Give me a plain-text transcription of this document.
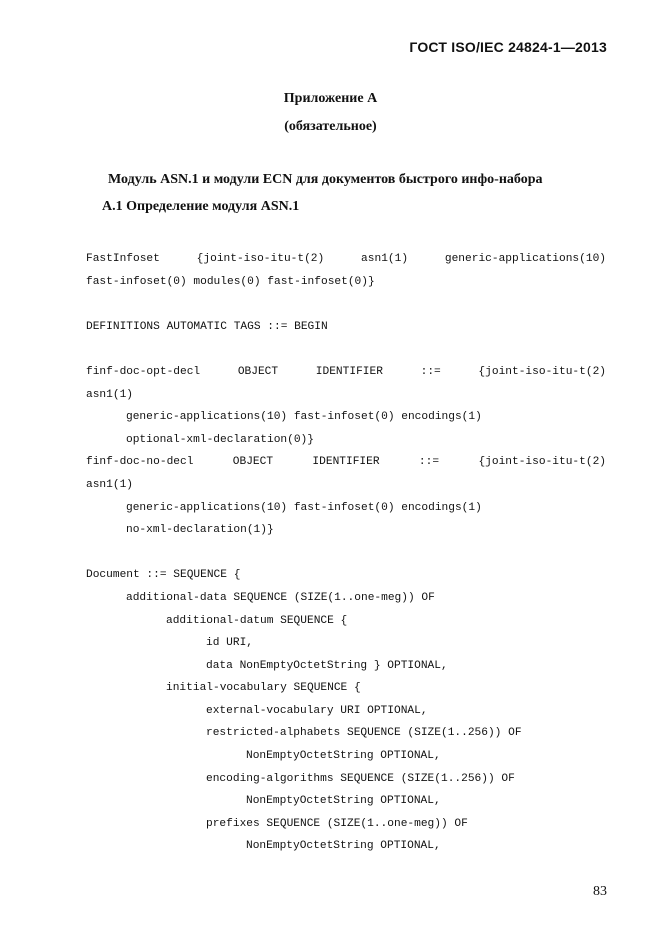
ГОСТ ISO/IEC 24824-1—2013
Приложение А
(обязательное)
Модуль ASN.1 и модули ECN для документов быстрого инфо-набора
А.1 Определение модуля ASN.1
FastInfoset {joint-iso-itu-t(2) asn1(1) generic-applications(10)
fast-infoset(0) modules(0) fast-infoset(0)}
DEFINITIONS AUTOMATIC TAGS ::= BEGIN
finf-doc-opt-decl OBJECT IDENTIFIER ::= {joint-iso-itu-t(2)
asn1(1)
generic-applications(10) fast-infoset(0) encodings(1)
optional-xml-declaration(0)}
finf-doc-no-decl OBJECT IDENTIFIER ::= {joint-iso-itu-t(2)
asn1(1)
generic-applications(10) fast-infoset(0) encodings(1)
no-xml-declaration(1)}
Document ::= SEQUENCE {
additional-data SEQUENCE (SIZE(1..one-meg)) OF
additional-datum SEQUENCE {
id URI,
data NonEmptyOctetString } OPTIONAL,
initial-vocabulary SEQUENCE {
external-vocabulary URI OPTIONAL,
restricted-alphabets SEQUENCE (SIZE(1..256)) OF
NonEmptyOctetString OPTIONAL,
encoding-algorithms SEQUENCE (SIZE(1..256)) OF
NonEmptyOctetString OPTIONAL,
prefixes SEQUENCE (SIZE(1..one-meg)) OF
NonEmptyOctetString OPTIONAL,
83
